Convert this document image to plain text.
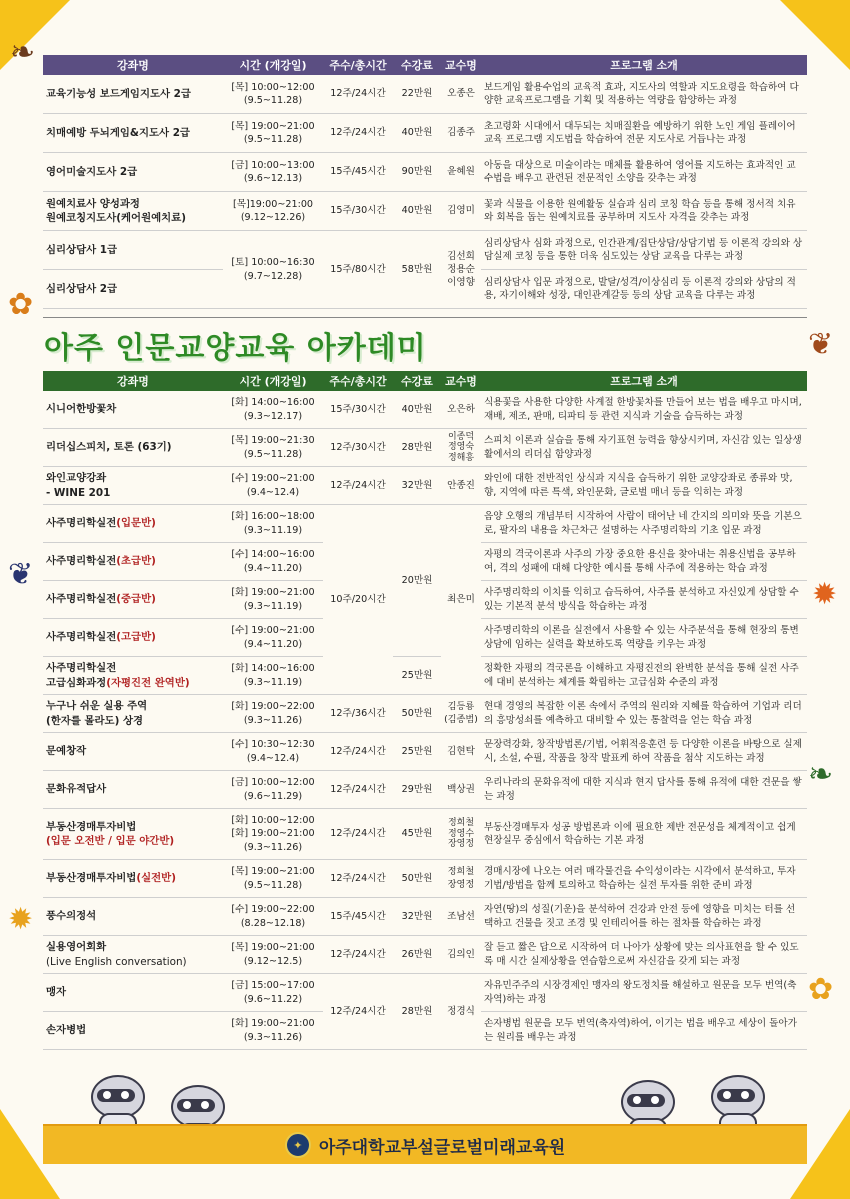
❧
✿
❦
❦
✹
❧
✿
✹
강좌명	시간 (개강일)	주수/총시간	수강료	교수명	프로그램 소개
교육기능성 보드게임지도사 2급	[목] 10:00~12:00
(9.5~11.28)	12주/24시간	22만원	오종은	보드게임 활용수업의 교육적 효과, 지도사의 역할과 지도요령을 학습하여 다양한 교육프로그램을 기획 및 적용하는 역량을 함양하는 과정
치매예방 두뇌게임&지도사 2급	[목] 19:00~21:00
(9.5~11.28)	12주/24시간	40만원	김종주	초고령화 시대에서 대두되는 치매질환을 예방하기 위한 노인 게임 플레이어 교육 프로그램 지도법을 학습하여 전문 지도사로 거듭나는 과정
영어미술지도사 2급	[금] 10:00~13:00
(9.6~12.13)	15주/45시간	90만원	윤혜원	아동을 대상으로 미술이라는 매체를 활용하여 영어를 지도하는 효과적인 교수법을 배우고 관련된 전문적인 소양을 갖추는 과정
원예치료사 양성과정
원예코칭지도사(케어원예치료)	[목]19:00~21:00
(9.12~12.26)	15주/30시간	40만원	김영미	꽃과 식물을 이용한 원예활동 실습과 심리 코칭 학습 등을 통해 정서적 치유와 회복을 돕는 원예치료를 공부하며 지도사 자격을 갖추는 과정
심리상담사 1급	[토] 10:00~16:30
(9.7~12.28)	15주/80시간	58만원	김선희
정용순
이영향	심리상담사 심화 과정으로, 인간관계/집단상담/상담기법 등 이론적 강의와 상담실제 코칭 등을 통한 더욱 심도있는 상담 교육을 다루는 과정
심리상담사 2급					심리상담사 입문 과정으로, 발달/성격/이상심리 등 이론적 강의와 상담의 적용, 자기이해와 성장, 대인관계갈등 등의 상담 교육을 다루는 과정
아주 인문교양교육 아카데미
강좌명	시간 (개강일)	주수/총시간	수강료	교수명	프로그램 소개
시니어한방꽃차	[화] 14:00~16:00
(9.3~12.17)	15주/30시간	40만원	오은하	식용꽃을 사용한 다양한 사계절 한방꽃차를 만들어 보는 법을 배우고 마시며, 재배, 제조, 판매, 티파티 등 관련 지식과 기술을 습득하는 과정
리더십스피치, 토론 (63기)	[목] 19:00~21:30
(9.5~11.28)	12주/30시간	28만원	이종덕
정영숙
정해흥	스피치 이론과 실습을 통해 자기표현 능력을 향상시키며, 자신감 있는 일상생활에서의 리더십 함양과정
와인교양강좌
- WINE 201	[수] 19:00~21:00
(9.4~12.4)	12주/24시간	32만원	안종진	와인에 대한 전반적인 상식과 지식을 습득하기 위한 교양강좌로 종류와 맛, 향, 지역에 따른 특색, 와인문화, 글로벌 매너 등을 익히는 과정
사주명리학실전(입문반)	[화] 16:00~18:00
(9.3~11.19)	10주/20시간	20만원	최은미	음양 오행의 개념부터 시작하여 사람이 태어난 네 간지의 의미와 뜻을 기본으로, 팔자의 내용을 차근차근 설명하는 사주명리학의 기초 입문 과정
사주명리학실전(초급반)	[수] 14:00~16:00
(9.4~11.20)				자평의 격국이론과 사주의 가장 중요한 용신을 찾아내는 취용신법을 공부하여, 격의 성패에 대해 다양한 예시를 통해 사주에 적용하는 학습 과정
사주명리학실전(중급반)	[화] 19:00~21:00
(9.3~11.19)				사주명리학의 이치를 익히고 습득하여, 사주를 분석하고 자신있게 상담할 수 있는 기본적 분석 방식을 학습하는 과정
사주명리학실전(고급반)	[수] 19:00~21:00
(9.4~11.20)				사주명리학의 이론을 실전에서 사용할 수 있는 사주분석을 통해 현장의 통변 상담에 임하는 실력을 확보하도록 역량을 키우는 과정
사주명리학실전
고급심화과정(자평진전 완역반)	[화] 14:00~16:00
(9.3~11.19)		25만원		정확한 자평의 격국론을 이해하고 자평진전의 완벽한 분석을 통해 실전 사주에 대비 분석하는 체계를 확립하는 고급심화 수준의 과정
누구나 쉬운 실용 주역
(한자를 몰라도) 상경	[화] 19:00~22:00
(9.3~11.26)	12주/36시간	50만원	김등룡
(김종범)	현대 경영의 복잡한 이론 속에서 주역의 원리와 지혜를 학습하여 기업과 리더의 흥망성쇠를 예측하고 대비할 수 있는 통찰력을 얻는 학습 과정
문예창작	[수] 10:30~12:30
(9.4~12.4)	12주/24시간	25만원	김현탁	문장력강화, 창작방법론/기법, 어휘적응훈련 등 다양한 이론을 바탕으로 실제 시, 소설, 수필, 작품을 창작 발표케 하여 작품을 첨삭 지도하는 과정
문화유적답사	[금] 10:00~12:00
(9.6~11.29)	12주/24시간	29만원	백상권	우리나라의 문화유적에 대한 지식과 현지 답사를 통해 유적에 대한 견문을 쌓는 과정
부동산경매투자비법
(입문 오전반 / 입문 야간반)	[화] 10:00~12:00
[화] 19:00~21:00
(9.3~11.26)	12주/24시간	45만원	정희철
정영수
장영정	부동산경매투자 성공 방법론과 이에 필요한 제반 전문성을 체계적이고 쉽게 현장실무 중심에서 학습하는 기본 과정
부동산경매투자비법(실전반)	[목] 19:00~21:00
(9.5~11.28)	12주/24시간	50만원	정희철
장영정	경매시장에 나오는 여러 매각물건을 수익성이라는 시각에서 분석하고, 투자기법/방법을 함께 토의하고 학습하는 실전 투자를 위한 준비 과정
풍수의정석	[수] 19:00~22:00
(8.28~12.18)	15주/45시간	32만원	조남선	자연(땅)의 성질(기운)을 분석하여 건강과 안전 등에 영향을 미치는 터를 선택하고 건물을 짓고 조경 및 인테리어를 하는 절차를 학습하는 과정
실용영어회화
(Live English conversation)	[목] 19:00~21:00
(9.12~12.5)	12주/24시간	26만원	김의인	잘 듣고 짧은 답으로 시작하여 더 나아가 상황에 맞는 의사표현을 할 수 있도록 매 시간 실제상황을 연습함으로써 자신감을 갖게 되는 과정
맹자	[금] 15:00~17:00
(9.6~11.22)	12주/24시간	28만원	정경식	자유민주주의 시장경제인 맹자의 왕도정치를 해설하고 원문을 모두 번역(축자역)하는 과정
손자병법	[화] 19:00~21:00
(9.3~11.26)				손자병법 원문을 모두 번역(축자역)하여, 이기는 법을 배우고 세상이 돌아가는 원리를 배우는 과정
✦ 아주대학교부설글로벌미래교육원
